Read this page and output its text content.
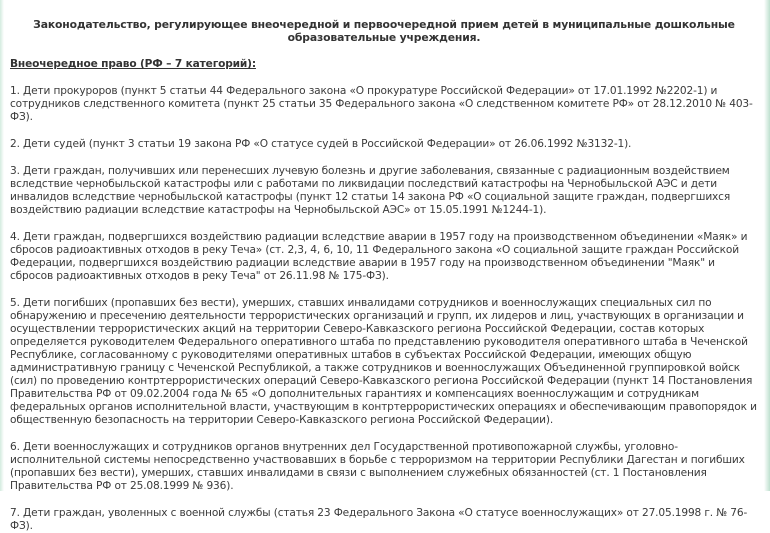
Законодательство, регулирующее внеочередной и первоочередной прием детей в муниципальные дошкольные образовательные учреждения.
Внеочередное право (РФ – 7 категорий):
1. Дети прокуроров (пункт 5 статьи 44 Федерального закона «О прокуратуре Российской Федерации» от 17.01.1992 №2202-1) и сотрудников следственного комитета (пункт 25 статьи 35 Федерального закона «О следственном комитете РФ» от 28.12.2010 № 403- ФЗ).
2. Дети судей (пункт 3 статьи 19 закона РФ «О статусе судей в Российской Федерации» от 26.06.1992 №3132-1).
3. Дети граждан, получивших или перенесших лучевую болезнь и другие заболевания, связанные с радиационным воздействием вследствие чернобыльской катастрофы или с работами по ликвидации последствий катастрофы на Чернобыльской АЭС и дети инвалидов вследствие чернобыльской катастрофы (пункт 12 статьи 14 закона РФ «О социальной защите граждан, подвергшихся воздействию радиации вследствие катастрофы на Чернобыльской АЭС» от 15.05.1991 №1244-1).
4. Дети граждан, подвергшихся воздействию радиации вследствие аварии в 1957 году на производственном объединении «Маяк» и сбросов радиоактивных отходов в реку Теча» (ст. 2,3, 4, 6, 10, 11 Федерального закона «О социальной защите граждан Российской Федерации, подвергшихся воздействию радиации вследствие аварии в 1957 году на производственном объединении "Маяк" и сбросов радиоактивных отходов в реку Теча" от 26.11.98 № 175-ФЗ).
5. Дети погибших (пропавших без вести), умерших, ставших инвалидами сотрудников и военнослужащих специальных сил по обнаружению и пресечению деятельности террористических организаций и групп, их лидеров и лиц, участвующих в организации и осуществлении террористических акций на территории Северо-Кавказского региона Российской Федерации, состав которых определяется руководителем Федерального оперативного штаба по представлению руководителя оперативного штаба в Чеченской Республике, согласованному с руководителями оперативных штабов в субъектах Российской Федерации, имеющих общую административную границу с Чеченской Республикой, а также сотрудников и военнослужащих Объединенной группировкой войск (сил) по проведению контртеррористических операций Северо-Кавказского региона Российской Федерации (пункт 14 Постановления Правительства РФ от 09.02.2004 года № 65 «О дополнительных гарантиях и компенсациях военнослужащим и сотрудникам федеральных органов исполнительной власти, участвующим в контртеррористических операциях и обеспечивающим правопорядок и общественную безопасность на территории Северо-Кавказского региона Российской Федерации).
6. Дети военнослужащих и сотрудников органов внутренних дел Государственной противопожарной службы, уголовно-исполнительной системы непосредственно участвовавших в борьбе с терроризмом на территории Республики Дагестан и погибших (пропавших без вести), умерших, ставших инвалидами в связи с выполнением служебных обязанностей (ст. 1 Постановления Правительства РФ от 25.08.1999 № 936).
7. Дети граждан, уволенных с военной службы (статья 23 Федерального Закона «О статусе военнослужащих» от 27.05.1998 г. № 76-ФЗ).
